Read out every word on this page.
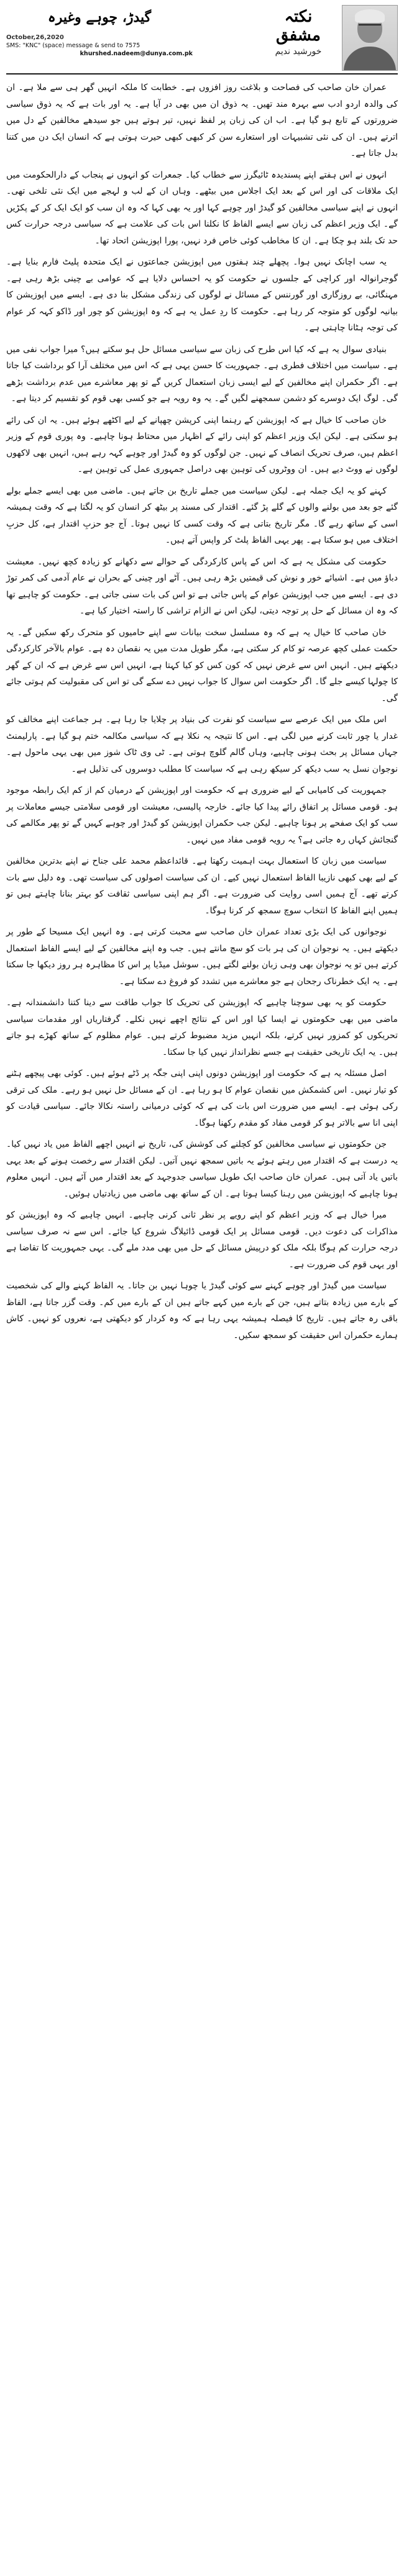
نکتہ
مشفق
خورشید ندیم
گیدڑ، چوہے وغیرہ
October,26,2020
SMS: "KNC" (space) message & send to 7575
khurshed.nadeem@dunya.com.pk

عمران خان صاحب کی فصاحت و بلاغت روز افزوں ہے۔ خطابت کا ملکہ انہیں گھر ہی سے ملا ہے۔ ان کی والدہ اردو ادب سے بہرہ مند تھیں۔ یہ ذوق ان میں بھی در آیا ہے۔ یہ اور بات ہے کہ یہ ذوق سیاسی ضرورتوں کے تابع ہو گیا ہے۔ اب ان کی زبان پر لفظ نہیں، تیر ہوتے ہیں جو سیدھے مخالفین کے دل میں اترتے ہیں۔ ان کی نئی تشبیہات اور استعارے سن کر کبھی کبھی حیرت ہوتی ہے کہ انسان ایک دن میں کتنا بدل جاتا ہے۔

انہوں نے اس ہفتے اپنے پسندیدہ ٹائیگرز سے خطاب کیا۔ جمعرات کو انہوں نے پنجاب کے دارالحکومت میں ایک ملاقات کی اور اس کے بعد ایک اجلاس میں بیٹھے۔ وہاں ان کے لب و لہجے میں ایک نئی تلخی تھی۔ انہوں نے اپنے سیاسی مخالفین کو گیدڑ اور چوہے کہا اور یہ بھی کہا کہ وہ ان سب کو ایک ایک کر کے پکڑیں گے۔ ایک وزیر اعظم کی زبان سے ایسے الفاظ کا نکلنا اس بات کی علامت ہے کہ سیاسی درجہ حرارت کس حد تک بلند ہو چکا ہے۔ ان کا مخاطب کوئی خاص فرد نہیں، پورا اپوزیشن اتحاد تھا۔

یہ سب اچانک نہیں ہوا۔ پچھلے چند ہفتوں میں اپوزیشن جماعتوں نے ایک متحدہ پلیٹ فارم بنایا ہے۔ گوجرانوالہ اور کراچی کے جلسوں نے حکومت کو یہ احساس دلایا ہے کہ عوامی بے چینی بڑھ رہی ہے۔ مہنگائی، بے روزگاری اور گورننس کے مسائل نے لوگوں کی زندگی مشکل بنا دی ہے۔ ایسے میں اپوزیشن کا بیانیہ لوگوں کو متوجہ کر رہا ہے۔ حکومت کا ردِ عمل یہ ہے کہ وہ اپوزیشن کو چور اور ڈاکو کہہ کر عوام کی توجہ ہٹانا چاہتی ہے۔

بنیادی سوال یہ ہے کہ کیا اس طرح کی زبان سے سیاسی مسائل حل ہو سکتے ہیں؟ میرا جواب نفی میں ہے۔ سیاست میں اختلاف فطری ہے۔ جمہوریت کا حسن یہی ہے کہ اس میں مختلف آرا کو برداشت کیا جاتا ہے۔ اگر حکمران اپنے مخالفین کے لیے ایسی زبان استعمال کریں گے تو پھر معاشرے میں عدم برداشت بڑھے گی۔ لوگ ایک دوسرے کو دشمن سمجھنے لگیں گے۔ یہ وہ رویہ ہے جو کسی بھی قوم کو تقسیم کر دیتا ہے۔

خان صاحب کا خیال ہے کہ اپوزیشن کے رہنما اپنی کرپشن چھپانے کے لیے اکٹھے ہوئے ہیں۔ یہ ان کی رائے ہو سکتی ہے۔ لیکن ایک وزیر اعظم کو اپنی رائے کے اظہار میں محتاط ہونا چاہیے۔ وہ پوری قوم کے وزیر اعظم ہیں، صرف تحریک انصاف کے نہیں۔ جن لوگوں کو وہ گیدڑ اور چوہے کہہ رہے ہیں، انہیں بھی لاکھوں لوگوں نے ووٹ دیے ہیں۔ ان ووٹروں کی توہین بھی دراصل جمہوری عمل کی توہین ہے۔

کہنے کو یہ ایک جملہ ہے۔ لیکن سیاست میں جملے تاریخ بن جاتے ہیں۔ ماضی میں بھی ایسے جملے بولے گئے جو بعد میں بولنے والوں کے گلے پڑ گئے۔ اقتدار کی مسند پر بیٹھ کر انسان کو یہ لگتا ہے کہ وقت ہمیشہ اسی کے ساتھ رہے گا۔ مگر تاریخ بتاتی ہے کہ وقت کسی کا نہیں ہوتا۔ آج جو حزبِ اقتدار ہے، کل حزبِ اختلاف میں ہو سکتا ہے۔ پھر یہی الفاظ پلٹ کر واپس آتے ہیں۔

حکومت کی مشکل یہ ہے کہ اس کے پاس کارکردگی کے حوالے سے دکھانے کو زیادہ کچھ نہیں۔ معیشت دباؤ میں ہے۔ اشیائے خور و نوش کی قیمتیں بڑھ رہی ہیں۔ آٹے اور چینی کے بحران نے عام آدمی کی کمر توڑ دی ہے۔ ایسے میں جب اپوزیشن عوام کے پاس جاتی ہے تو اس کی بات سنی جاتی ہے۔ حکومت کو چاہیے تھا کہ وہ ان مسائل کے حل پر توجہ دیتی، لیکن اس نے الزام تراشی کا راستہ اختیار کیا ہے۔

خان صاحب کا خیال یہ ہے کہ وہ مسلسل سخت بیانات سے اپنے حامیوں کو متحرک رکھ سکیں گے۔ یہ حکمت عملی کچھ عرصہ تو کام کر سکتی ہے، مگر طویل مدت میں یہ نقصان دہ ہے۔ عوام بالآخر کارکردگی دیکھتے ہیں۔ انہیں اس سے غرض نہیں کہ کون کس کو کیا کہتا ہے، انہیں اس سے غرض ہے کہ ان کے گھر کا چولہا کیسے جلے گا۔ اگر حکومت اس سوال کا جواب نہیں دے سکے گی تو اس کی مقبولیت کم ہوتی جائے گی۔

اس ملک میں ایک عرصے سے سیاست کو نفرت کی بنیاد پر چلایا جا رہا ہے۔ ہر جماعت اپنے مخالف کو غدار یا چور ثابت کرنے میں لگی ہے۔ اس کا نتیجہ یہ نکلا ہے کہ سیاسی مکالمہ ختم ہو گیا ہے۔ پارلیمنٹ جہاں مسائل پر بحث ہونی چاہیے، وہاں گالم گلوچ ہوتی ہے۔ ٹی وی ٹاک شوز میں بھی یہی ماحول ہے۔ نوجوان نسل یہ سب دیکھ کر سیکھ رہی ہے کہ سیاست کا مطلب دوسروں کی تذلیل ہے۔

جمہوریت کی کامیابی کے لیے ضروری ہے کہ حکومت اور اپوزیشن کے درمیان کم از کم ایک رابطہ موجود ہو۔ قومی مسائل پر اتفاق رائے پیدا کیا جائے۔ خارجہ پالیسی، معیشت اور قومی سلامتی جیسے معاملات پر سب کو ایک صفحے پر ہونا چاہیے۔ لیکن جب حکمران اپوزیشن کو گیدڑ اور چوہے کہیں گے تو پھر مکالمے کی گنجائش کہاں رہ جاتی ہے؟ یہ رویہ قومی مفاد میں نہیں۔

سیاست میں زبان کا استعمال بہت اہمیت رکھتا ہے۔ قائداعظم محمد علی جناح نے اپنے بدترین مخالفین کے لیے بھی کبھی نازیبا الفاظ استعمال نہیں کیے۔ ان کی سیاست اصولوں کی سیاست تھی۔ وہ دلیل سے بات کرتے تھے۔ آج ہمیں اسی روایت کی ضرورت ہے۔ اگر ہم اپنی سیاسی ثقافت کو بہتر بنانا چاہتے ہیں تو ہمیں اپنے الفاظ کا انتخاب سوچ سمجھ کر کرنا ہوگا۔

نوجوانوں کی ایک بڑی تعداد عمران خان صاحب سے محبت کرتی ہے۔ وہ انہیں ایک مسیحا کے طور پر دیکھتے ہیں۔ یہ نوجوان ان کی ہر بات کو سچ مانتے ہیں۔ جب وہ اپنے مخالفین کے لیے ایسے الفاظ استعمال کرتے ہیں تو یہ نوجوان بھی وہی زبان بولنے لگتے ہیں۔ سوشل میڈیا پر اس کا مظاہرہ ہر روز دیکھا جا سکتا ہے۔ یہ ایک خطرناک رجحان ہے جو معاشرے میں تشدد کو فروغ دے سکتا ہے۔

حکومت کو یہ بھی سوچنا چاہیے کہ اپوزیشن کی تحریک کا جواب طاقت سے دینا کتنا دانشمندانہ ہے۔ ماضی میں بھی حکومتوں نے ایسا کیا اور اس کے نتائج اچھے نہیں نکلے۔ گرفتاریاں اور مقدمات سیاسی تحریکوں کو کمزور نہیں کرتے، بلکہ انہیں مزید مضبوط کرتے ہیں۔ عوام مظلوم کے ساتھ کھڑے ہو جاتے ہیں۔ یہ ایک تاریخی حقیقت ہے جسے نظرانداز نہیں کیا جا سکتا۔

اصل مسئلہ یہ ہے کہ حکومت اور اپوزیشن دونوں اپنی اپنی جگہ پر ڈٹے ہوئے ہیں۔ کوئی بھی پیچھے ہٹنے کو تیار نہیں۔ اس کشمکش میں نقصان عوام کا ہو رہا ہے۔ ان کے مسائل حل نہیں ہو رہے۔ ملک کی ترقی رکی ہوئی ہے۔ ایسے میں ضرورت اس بات کی ہے کہ کوئی درمیانی راستہ نکالا جائے۔ سیاسی قیادت کو اپنی انا سے بالاتر ہو کر قومی مفاد کو مقدم رکھنا ہوگا۔

جن حکومتوں نے سیاسی مخالفین کو کچلنے کی کوشش کی، تاریخ نے انہیں اچھے الفاظ میں یاد نہیں کیا۔ یہ درست ہے کہ اقتدار میں رہتے ہوئے یہ باتیں سمجھ نہیں آتیں۔ لیکن اقتدار سے رخصت ہونے کے بعد یہی باتیں یاد آتی ہیں۔ عمران خان صاحب ایک طویل سیاسی جدوجہد کے بعد اقتدار میں آئے ہیں۔ انہیں معلوم ہونا چاہیے کہ اپوزیشن میں رہنا کیسا ہوتا ہے۔ ان کے ساتھ بھی ماضی میں زیادتیاں ہوئیں۔

میرا خیال ہے کہ وزیر اعظم کو اپنے رویے پر نظر ثانی کرنی چاہیے۔ انہیں چاہیے کہ وہ اپوزیشن کو مذاکرات کی دعوت دیں۔ قومی مسائل پر ایک قومی ڈائیلاگ شروع کیا جائے۔ اس سے نہ صرف سیاسی درجہ حرارت کم ہوگا بلکہ ملک کو درپیش مسائل کے حل میں بھی مدد ملے گی۔ یہی جمہوریت کا تقاضا ہے اور یہی قوم کی ضرورت ہے۔

سیاست میں گیدڑ اور چوہے کہنے سے کوئی گیدڑ یا چوہا نہیں بن جاتا۔ یہ الفاظ کہنے والے کی شخصیت کے بارے میں زیادہ بتاتے ہیں، جن کے بارے میں کہے جاتے ہیں ان کے بارے میں کم۔ وقت گزر جاتا ہے، الفاظ باقی رہ جاتے ہیں۔ تاریخ کا فیصلہ ہمیشہ یہی رہا ہے کہ وہ کردار کو دیکھتی ہے، نعروں کو نہیں۔ کاش ہمارے حکمران اس حقیقت کو سمجھ سکیں۔
